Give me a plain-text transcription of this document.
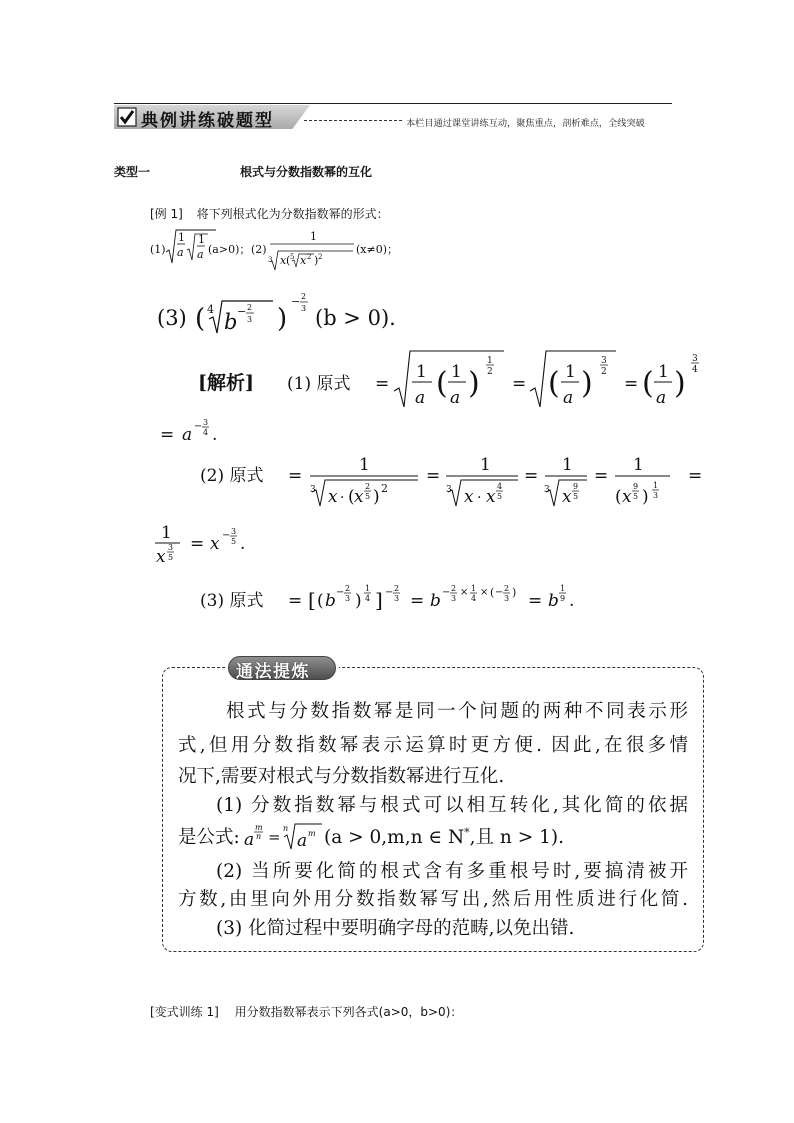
典例讲练破题型	本栏目通过课堂讲练互动，聚焦重点，剖析难点，全线突破
类型一	根式与分数指数幂的互化
[例 1] 将下列根式化为分数指数幂的形式：
(1)
1
a
1
a (a>0)； (2)
1
3 x ( 5 x 2 ) 2
(x≠0)；
(3) ( 4
b − 2
3 )
− 2
3 (b > 0).
[解析] (1) 原式 =
1
a ( 1
a )
1
2
= ( 1
a )
3
2
= ( 1
a )
3
4
= a − 3
4 .
(2) 原式 =
1
3 x · ( x
2
5 ) 2
=
1
3 x · x
4
5
=
1
3 x
9
5
=
1
( x
9
5 )
1
3
=
1
x 3
5
= x − 3
5 .
(3) 原式 = [ ( b − 2
3 )
1
4 ] − 2
3 = b − 2
3
× 1
4
× ( − 2
3 ) = b
1
9 .
通法提炼
根式与分数指数幂是同一个问题的两种不同表示形
式,但用分数指数幂表示运算时更方便. 因此,在很多情
况下,需要对根式与分数指数幂进行互化.
(1) 分数指数幂与根式可以相互转化,其化简的依据
是公式: a
m
n = n
a m (a > 0,m,n ∈ N*,且 n > 1).
(2) 当所要化简的根式含有多重根号时,要搞清被开
方数,由里向外用分数指数幂写出,然后用性质进行化简.
(3) 化简过程中要明确字母的范畴,以免出错.
[变式训练 1] 用分数指数幂表示下列各式(a>0，b>0)：
